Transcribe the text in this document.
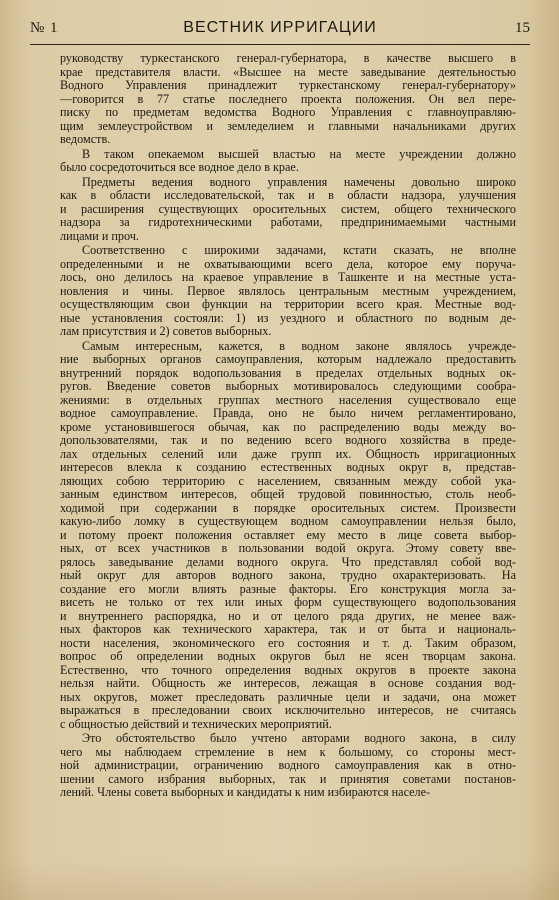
№ 1	ВЕСТНИК ИРРИГАЦИИ	15
руководству туркестанского генерал-губернатора, в качестве высшего в
крае представителя власти. «Высшее на месте заведывание деятельностью
Водного Управления принадлежит туркестанскому генерал-губернатору»
—говорится в 77 статье последнего проекта положения. Он вел пере-
писку по предметам ведомства Водного Управления с главноуправляю-
щим землеустройством и земледелием и главными начальниками других
ведомств.
В таком опекаемом высшей властью на месте учреждении должно
было сосредоточиться все водное дело в крае.
Предметы ведения водного управления намечены довольно широко
как в области исследовательской, так и в области надзора, улучшения
и расширения существующих оросительных систем, общего технического
надзора за гидротехническими работами, предпринимаемыми частными
лицами и проч.
Соответственно с широкими задачами, кстати сказать, не вполне
определенными и не охватывающими всего дела, которое ему поруча-
лось, оно делилось на краевое управление в Ташкенте и на местные уста-
новления и чины. Первое являлось центральным местным учреждением,
осуществляющим свои функции на территории всего края. Местные вод-
ные установления состояли: 1) из уездного и областного по водным де-
лам присутствия и 2) советов выборных.
Самым интересным, кажется, в водном законе являлось учрежде-
ние выборных органов самоуправления, которым надлежало предоставить
внутренний порядок водопользования в пределах отдельных водных ок-
ругов. Введение советов выборных мотивировалось следующими сообра-
жениями: в отдельных группах местного населения существовало еще
водное самоуправление. Правда, оно не было ничем регламентировано,
кроме установившегося обычая, как по распределению воды между во-
допользователями, так и по ведению всего водного хозяйства в преде-
лах отдельных селений или даже групп их. Общность ирригационных
интересов влекла к созданию естественных водных округ в, представ-
ляющих собою территорию с населением, связанным между собой ука-
занным единством интересов, общей трудовой повинностью, столь необ-
ходимой при содержании в порядке оросительных систем. Произвести
какую-либо ломку в существующем водном самоуправлении нельзя было,
и потому проект положения оставляет ему место в лице совета выбор-
ных, от всех участников в пользовании водой округа. Этому совету вве-
рялось заведывание делами водного округа. Что представлял собой вод-
ный округ для авторов водного закона, трудно охарактеризовать. На
создание его могли влиять разные факторы. Его конструкция могла за-
висеть не только от тех или иных форм существующего водопользования
и внутреннего распорядка, но и от целого ряда других, не менее важ-
ных факторов как технического характера, так и от быта и националь-
ности населения, экономического его состояния и т. д. Таким образом,
вопрос об определении водных округов был не ясен творцам закона.
Естественно, что точного определения водных округов в проекте закона
нельзя найти. Общность же интересов, лежащая в основе создания вод-
ных округов, может преследовать различные цели и задачи, она может
выражаться в преследовании своих исключительно интересов, не считаясь
с общностью действий и технических мероприятий.
Это обстоятельство было учтено авторами водного закона, в силу
чего мы наблюдаем стремление в нем к большому, со стороны мест-
ной администрации, ограничению водного самоуправления как в отно-
шении самого избрания выборных, так и принятия советами постанов-
лений. Члены совета выборных и кандидаты к ним избираются населе-
